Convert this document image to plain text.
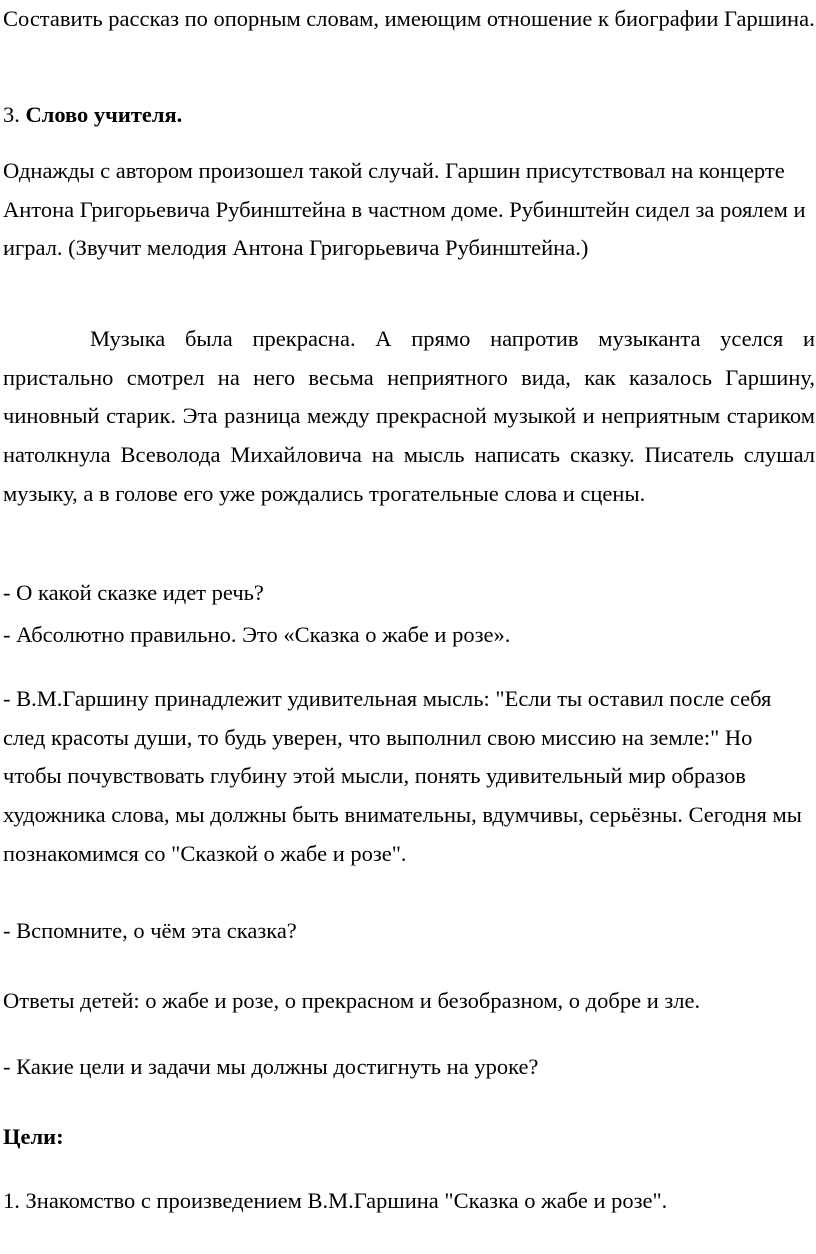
Составить рассказ по опорным словам, имеющим отношение к биографии Гаршина.

3. Слово учителя.

Однажды с автором произошел такой случай. Гаршин присутствовал на концерте Антона Григорьевича Рубинштейна в частном доме. Рубинштейн сидел за роялем и играл. (Звучит мелодия Антона Григорьевича Рубинштейна.)

Музыка была прекрасна. А прямо напротив музыканта уселся и пристально смотрел на него весьма неприятного вида, как казалось Гаршину, чиновный старик. Эта разница между прекрасной музыкой и неприятным стариком натолкнула Всеволода Михайловича на мысль написать сказку. Писатель слушал музыку, а в голове его уже рождались трогательные слова и сцены.

- О какой сказке идет речь?

- Абсолютно правильно. Это «Сказка о жабе и розе».

- В.М.Гаршину принадлежит удивительная мысль: "Если ты оставил после себя след красоты души, то будь уверен, что выполнил свою миссию на земле:" Но чтобы почувствовать глубину этой мысли, понять удивительный мир образов художника слова, мы должны быть внимательны, вдумчивы, серьёзны. Сегодня мы познакомимся со "Сказкой о жабе и розе".

- Вспомните, о чём эта сказка?

Ответы детей: о жабе и розе, о прекрасном и безобразном, о добре и зле.

- Какие цели и задачи мы должны достигнуть на уроке?

Цели:

1. Знакомство с произведением В.М.Гаршина "Сказка о жабе и розе".
